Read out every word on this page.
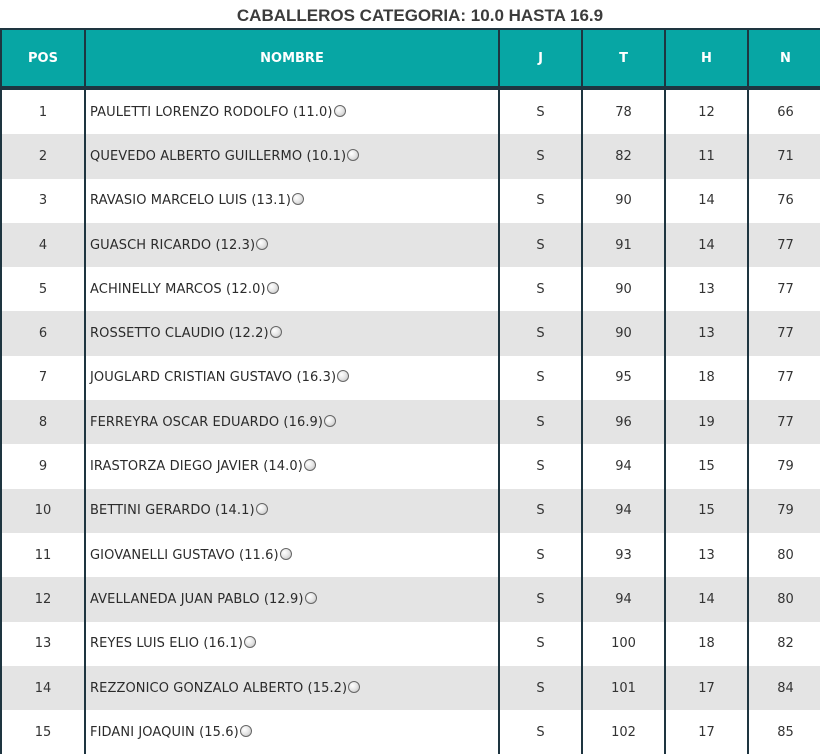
CABALLEROS CATEGORIA: 10.0 HASTA 16.9
POS	NOMBRE	J	T	H	N
1	PAULETTI LORENZO RODOLFO (11.0)	S	78	12	66
2	QUEVEDO ALBERTO GUILLERMO (10.1)	S	82	11	71
3	RAVASIO MARCELO LUIS (13.1)	S	90	14	76
4	GUASCH RICARDO (12.3)	S	91	14	77
5	ACHINELLY MARCOS (12.0)	S	90	13	77
6	ROSSETTO CLAUDIO (12.2)	S	90	13	77
7	JOUGLARD CRISTIAN GUSTAVO (16.3)	S	95	18	77
8	FERREYRA OSCAR EDUARDO (16.9)	S	96	19	77
9	IRASTORZA DIEGO JAVIER (14.0)	S	94	15	79
10	BETTINI GERARDO (14.1)	S	94	15	79
11	GIOVANELLI GUSTAVO (11.6)	S	93	13	80
12	AVELLANEDA JUAN PABLO (12.9)	S	94	14	80
13	REYES LUIS ELIO (16.1)	S	100	18	82
14	REZZONICO GONZALO ALBERTO (15.2)	S	101	17	84
15	FIDANI JOAQUIN (15.6)	S	102	17	85
